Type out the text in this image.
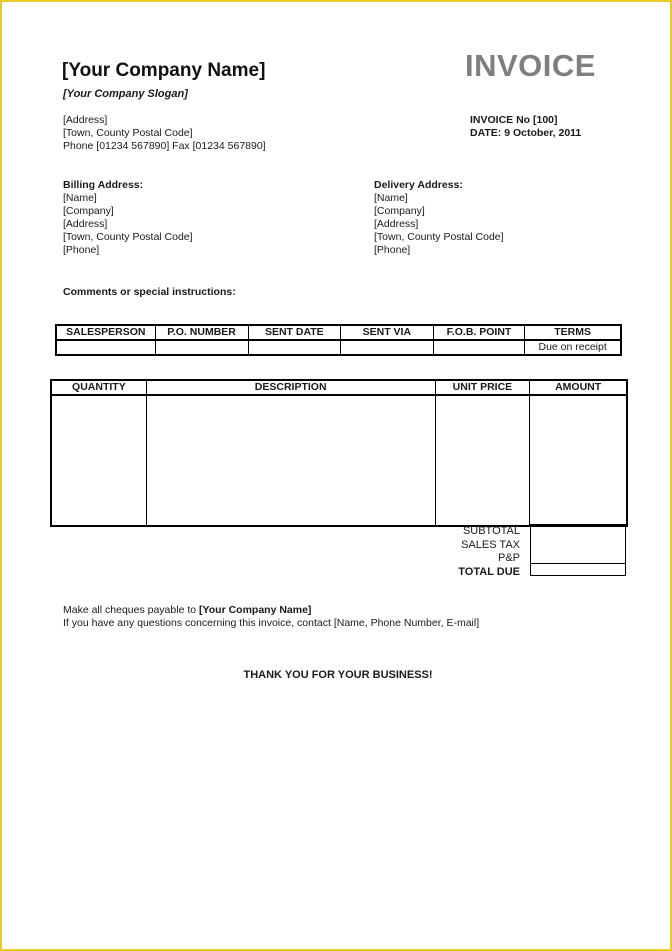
[Your Company Name]
[Your Company Slogan]
INVOICE
[Address]
[Town, County Postal Code]
Phone [01234 567890] Fax [01234 567890]
INVOICE No [100]
DATE: 9 October, 2011
Billing Address:
[Name]
[Company]
[Address]
[Town, County Postal Code]
[Phone]
Delivery Address:
[Name]
[Company]
[Address]
[Town, County Postal Code]
[Phone]
Comments or special instructions:
SALESPERSON	P.O. NUMBER	SENT DATE	SENT VIA	F.O.B. POINT	TERMS
					Due on receipt
QUANTITY	DESCRIPTION	UNIT PRICE	AMOUNT

SUBTOTAL
SALES TAX
P&P
TOTAL DUE
Make all cheques payable to [Your Company Name]
If you have any questions concerning this invoice, contact [Name, Phone Number, E-mail]
THANK YOU FOR YOUR BUSINESS!
